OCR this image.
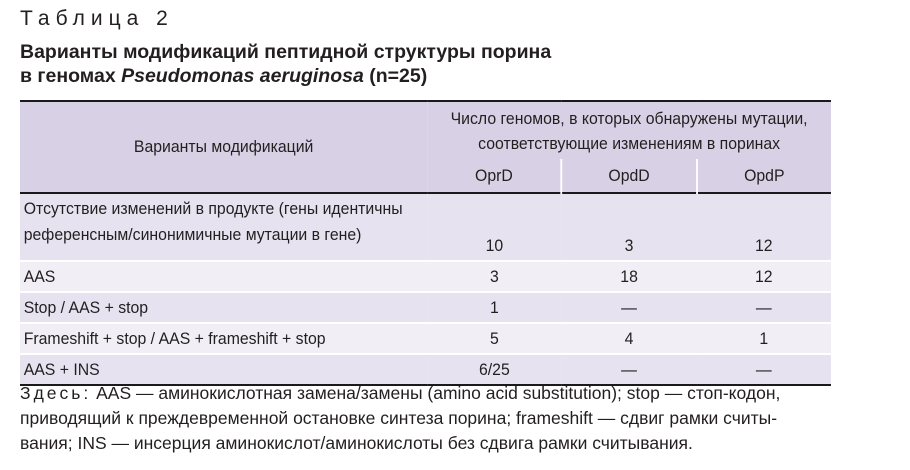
Таблица 2
Варианты модификаций пептидной структуры порина
в геномах Pseudomonas aeruginosa (n=25)
Варианты модификаций	Число геномов, в которых обнаружены мутации,
соответствующие изменениям в поринах		

	OprD	OpdD	OpdP

Отсутствие изменений в продукте (гены идентичны
референсным/синонимичные мутации в гене)	10	3	12
AAS	3	18	12
Stop / AAS + stop	1	—	—
Frameshift + stop / AAS + frameshift + stop	5	4	1
AAS + INS	6/25	—	—
Здесь: AAS — аминокислотная замена/замены (amino acid substitution); stop — стоп-кодон,
приводящий к преждевременной остановке синтеза порина; frameshift — сдвиг рамки считы-
вания; INS — инсерция аминокислот/аминокислоты без сдвига рамки считывания.
